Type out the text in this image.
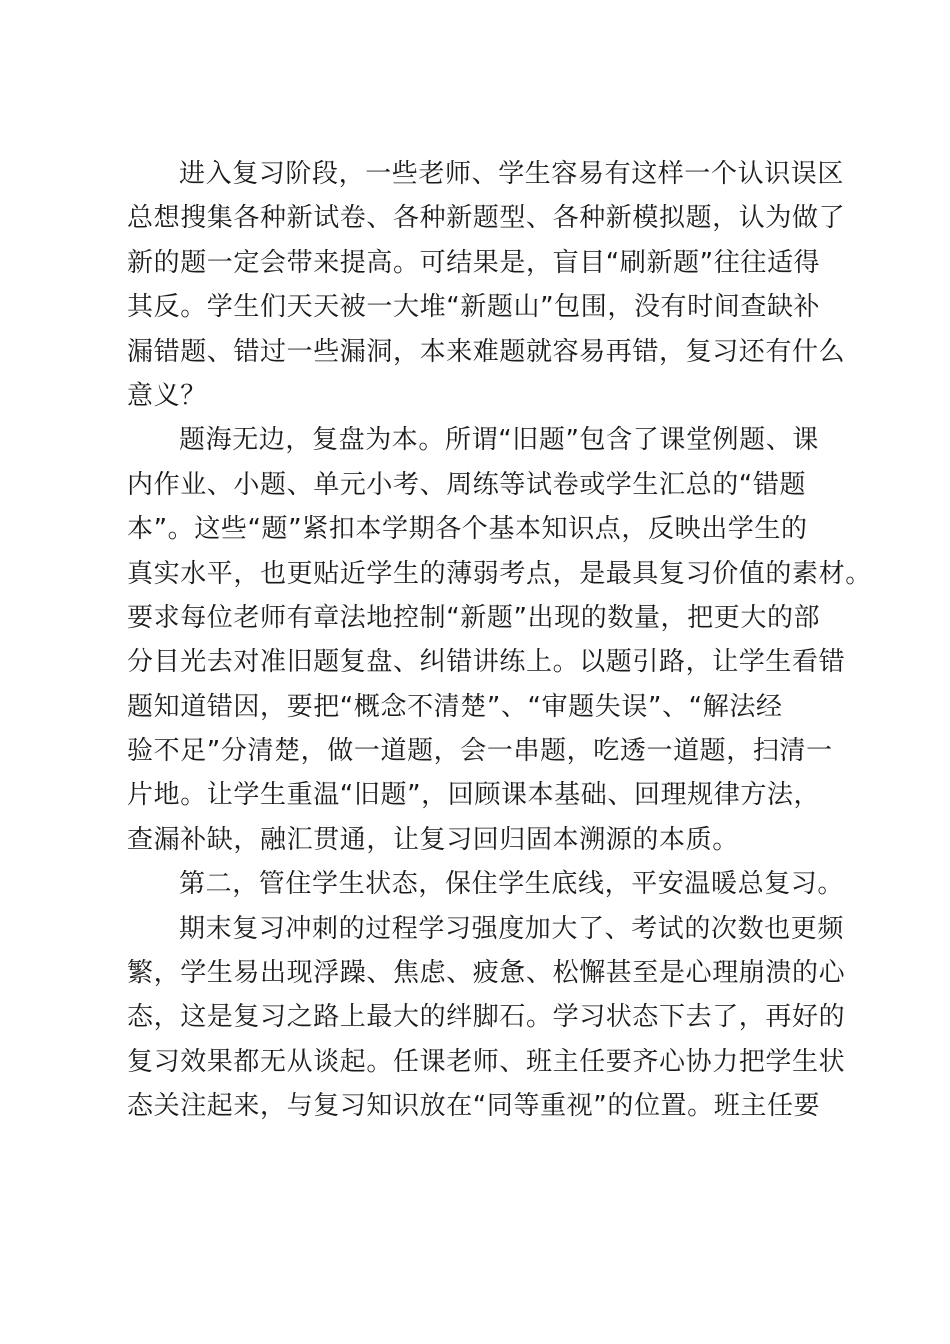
进入复习阶段，一些老师、学生容易有这样一个认识误区
总想搜集各种新试卷、各种新题型、各种新模拟题，认为做了
新的题一定会带来提高。可结果是，盲目“刷新题”往往适得
其反。学生们天天被一大堆“新题山”包围，没有时间查缺补
漏错题、错过一些漏洞，本来难题就容易再错，复习还有什么
意义？
题海无边，复盘为本。所谓“旧题”包含了课堂例题、课
内作业、小题、单元小考、周练等试卷或学生汇总的“错题
本”。这些“题”紧扣本学期各个基本知识点，反映出学生的
真实水平，也更贴近学生的薄弱考点，是最具复习价值的素材。
要求每位老师有章法地控制“新题”出现的数量，把更大的部
分目光去对准旧题复盘、纠错讲练上。以题引路，让学生看错
题知道错因，要把“概念不清楚”、“审题失误”、“解法经
验不足”分清楚，做一道题，会一串题，吃透一道题，扫清一
片地。让学生重温“旧题”，回顾课本基础、回理规律方法，
查漏补缺，融汇贯通，让复习回归固本溯源的本质。
第二，管住学生状态，保住学生底线，平安温暖总复习。
期末复习冲刺的过程学习强度加大了、考试的次数也更频
繁，学生易出现浮躁、焦虑、疲惫、松懈甚至是心理崩溃的心
态，这是复习之路上最大的绊脚石。学习状态下去了，再好的
复习效果都无从谈起。任课老师、班主任要齐心协力把学生状
态关注起来，与复习知识放在“同等重视”的位置。班主任要
